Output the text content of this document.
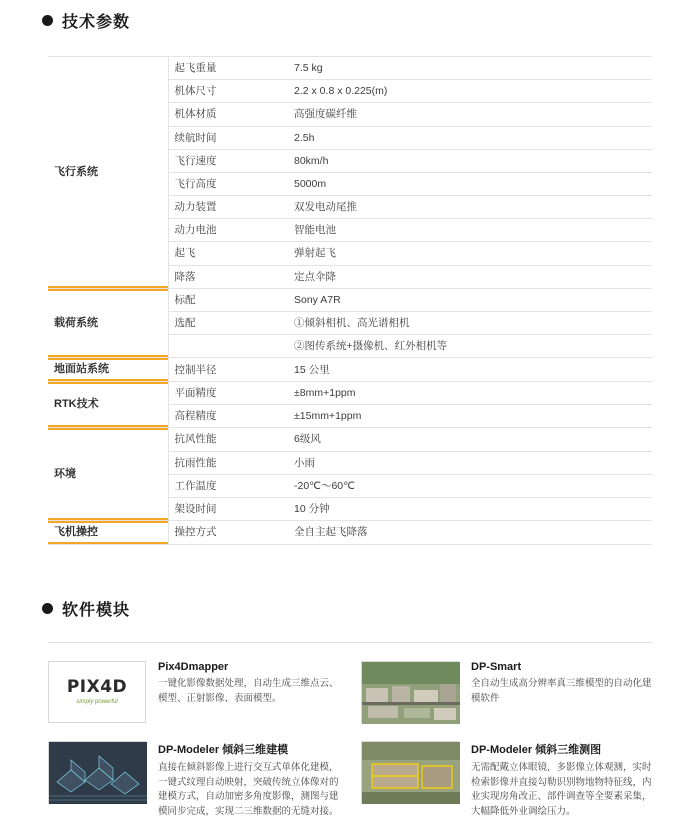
技术参数
飞行系统	起飞重量	7.5 kg
	机体尺寸	2.2 x 0.8 x 0.225(m)
	机体材质	高强度碳纤维
	续航时间	2.5h
	飞行速度	80km/h
	飞行高度	5000m
	动力装置	双发电动尾推
	动力电池	智能电池
	起飞	弹射起飞
	降落	定点伞降
载荷系统	标配	Sony A7R
	选配	①倾斜相机、高光谱相机
		②图传系统+摄像机、红外相机等
地面站系统	控制半径	15 公里
RTK技术	平面精度	±8mm+1ppm
	高程精度	±15mm+1ppm
环境	抗风性能	6级风
	抗雨性能	小雨
	工作温度	-20℃～60℃
	架设时间	10 分钟
飞机操控	操控方式	全自主起飞降落
软件模块
PIX4D
simply powerful
Pix4Dmapper
一键化影像数据处理，自动生成三维点云、模型、正射影像、表面模型。
DP-Smart
全自动生成高分辨率真三维模型的自动化建模软件
DP-Modeler 倾斜三维建模
直接在倾斜影像上进行交互式单体化建模，一键式纹理自动映射，突破传统立体像对的建模方式，自动加密多角度影像，测图与建模同步完成，实现二三维数据的无缝对接。
DP-Modeler 倾斜三维测图
无需配戴立体眼镜，多影像立体观测，实时检索影像并直接勾勒识别物地物特征线，内业实现房角改正、部件调查等全要素采集，大幅降低外业调绘压力。
